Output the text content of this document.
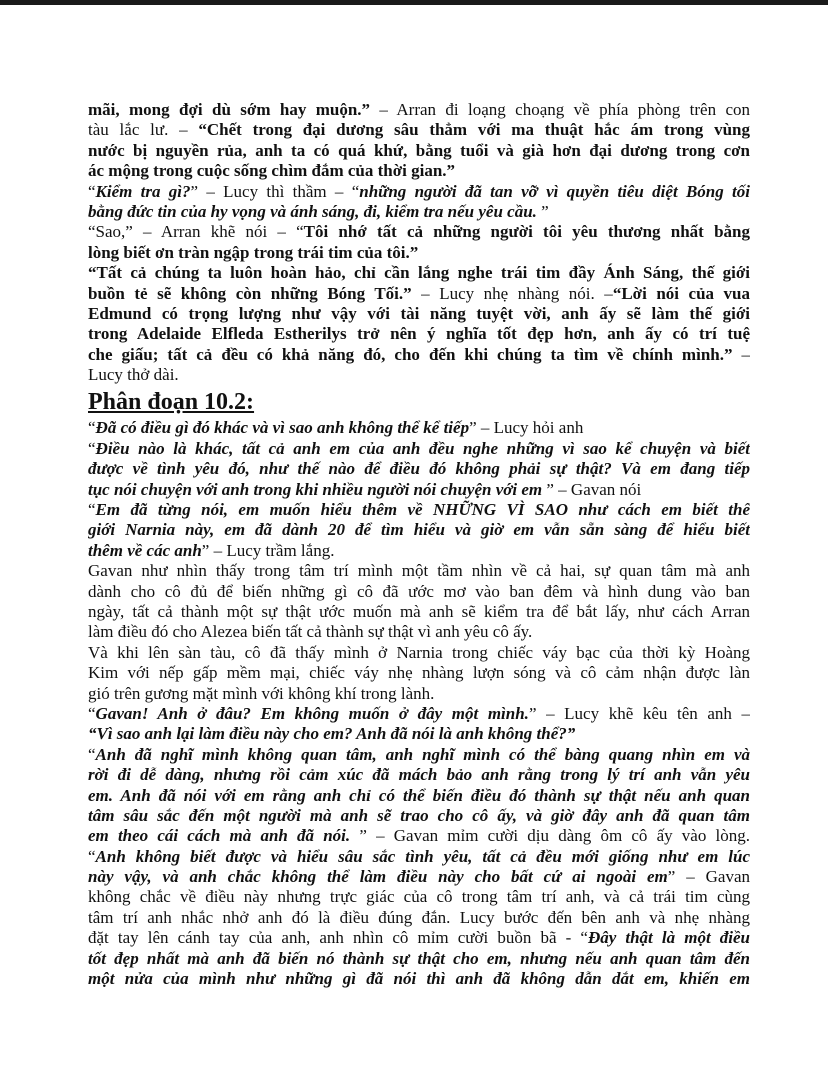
mãi, mong đợi dù sớm hay muộn.” – Arran đi loạng choạng về phía phòng trên con
tàu lắc lư. – “Chết trong đại dương sâu thẳm với ma thuật hắc ám trong vùng
nước bị nguyền rủa, anh ta có quá khứ, bằng tuổi và già hơn đại dương trong cơn
ác mộng trong cuộc sống chìm đắm của thời gian.”
“Kiểm tra gì?” – Lucy thì thầm – “những người đã tan vỡ vì quyền tiêu diệt Bóng tối
bằng đức tin của hy vọng và ánh sáng, đi, kiểm tra nếu yêu cầu. ”
“Sao,” – Arran khẽ nói – “Tôi nhớ tất cả những người tôi yêu thương nhất bằng
lòng biết ơn tràn ngập trong trái tim của tôi.”
“Tất cả chúng ta luôn hoàn hảo, chỉ cần lắng nghe trái tim đầy Ánh Sáng, thế giới
buồn tẻ sẽ không còn những Bóng Tối.” – Lucy nhẹ nhàng nói. –“Lời nói của vua
Edmund có trọng lượng như vậy với tài năng tuyệt vời, anh ấy sẽ làm thế giới
trong Adelaide Elfleda Estherilys trở nên ý nghĩa tốt đẹp hơn, anh ấy có trí tuệ
che giấu; tất cả đều có khả năng đó, cho đến khi chúng ta tìm về chính mình.” –
Lucy thở dài.
Phân đoạn 10.2:
“Đã có điều gì đó khác và vì sao anh không thể kể tiếp” – Lucy hỏi anh
“Điều nào là khác, tất cả anh em của anh đều nghe những vì sao kể chuyện và biết
được về tình yêu đó, như thế nào để điều đó không phải sự thật? Và em đang tiếp
tục nói chuyện với anh trong khi nhiều người nói chuyện với em ” – Gavan nói
“Em đã từng nói, em muốn hiểu thêm về NHỮNG VÌ SAO như cách em biết thế
giới Narnia này, em đã dành 20 để tìm hiểu và giờ em vẫn sẵn sàng để hiểu biết
thêm về các anh” – Lucy trầm lắng.
Gavan như nhìn thấy trong tâm trí mình một tầm nhìn về cả hai, sự quan tâm mà anh
dành cho cô đủ để biến những gì cô đã ước mơ vào ban đêm và hình dung vào ban
ngày, tất cả thành một sự thật ước muốn mà anh sẽ kiểm tra để bắt lấy, như cách Arran
làm điều đó cho Alezea biến tất cả thành sự thật vì anh yêu cô ấy.
Và khi lên sàn tàu, cô đã thấy mình ở Narnia trong chiếc váy bạc của thời kỳ Hoàng
Kim với nếp gấp mềm mại, chiếc váy nhẹ nhàng lượn sóng và cô cảm nhận được làn
gió trên gương mặt mình với không khí trong lành.
“Gavan! Anh ở đâu? Em không muốn ở đây một mình.” – Lucy khẽ kêu tên anh –
“Vì sao anh lại làm điều này cho em? Anh đã nói là anh không thể?”
“Anh đã nghĩ mình không quan tâm, anh nghĩ mình có thể bàng quang nhìn em và
rời đi dễ dàng, nhưng rồi cảm xúc đã mách bảo anh rằng trong lý trí anh vẫn yêu
em. Anh đã nói với em rằng anh chỉ có thể biến điều đó thành sự thật nếu anh quan
tâm sâu sắc đến một người mà anh sẽ trao cho cô ấy, và giờ đây anh đã quan tâm
em theo cái cách mà anh đã nói. ” – Gavan mỉm cười dịu dàng ôm cô ấy vào lòng.
“Anh không biết được và hiểu sâu sắc tình yêu, tất cả đều mới giống như em lúc
này vậy, và anh chắc không thể làm điều này cho bất cứ ai ngoài em” – Gavan
không chắc về điều này nhưng trực giác của cô trong tâm trí anh, và cả trái tim cùng
tâm trí anh nhắc nhở anh đó là điều đúng đắn. Lucy bước đến bên anh và nhẹ nhàng
đặt tay lên cánh tay của anh, anh nhìn cô mỉm cười buồn bã - “Đây thật là một điều
tốt đẹp nhất mà anh đã biến nó thành sự thật cho em, nhưng nếu anh quan tâm đến
một nửa của mình như những gì đã nói thì anh đã không dẫn dắt em, khiến em
